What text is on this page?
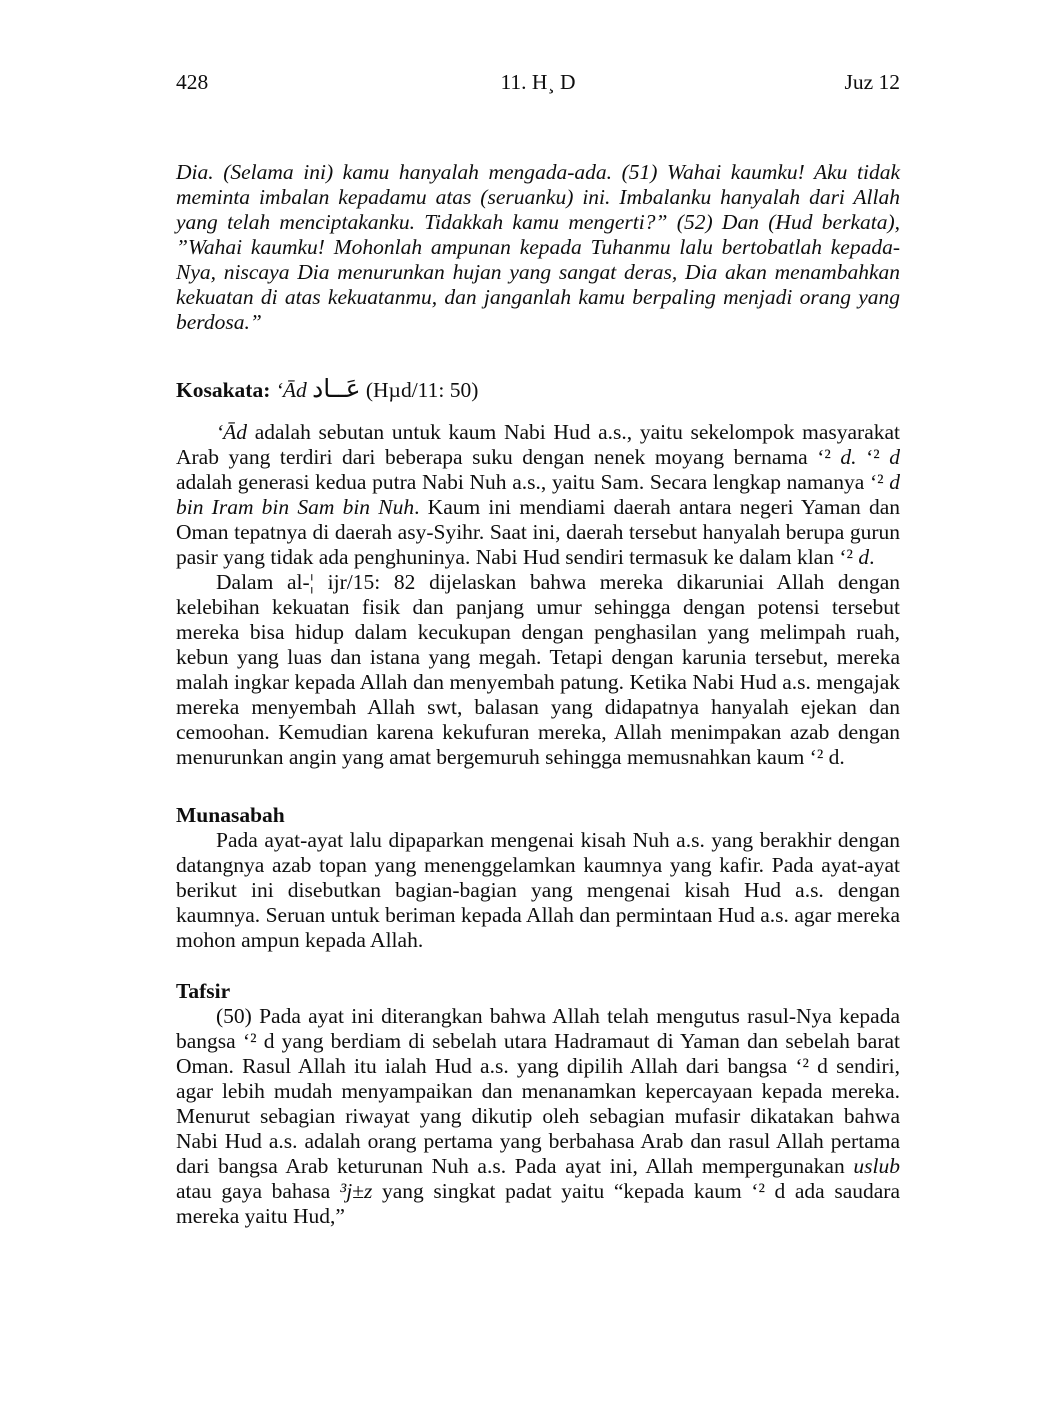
428	11. H¸ D	Juz 12

Dia. (Selama ini) kamu hanyalah mengada-ada. (51) Wahai kaumku! Aku tidak meminta imbalan kepadamu atas (seruanku) ini. Imbalanku hanyalah dari Allah yang telah menciptakanku. Tidakkah kamu mengerti?” (52) Dan (Hud berkata), ”Wahai kaumku! Mohonlah ampunan kepada Tuhanmu lalu bertobatlah kepada-Nya, niscaya Dia menurunkan hujan yang sangat deras, Dia akan menambahkan kekuatan di atas kekuatanmu, dan janganlah kamu berpaling menjadi orang yang berdosa.”

Kosakata: ‘Ād عَــاد (Hµd/11: 50)

‘Ād adalah sebutan untuk kaum Nabi Hud a.s., yaitu sekelompok masyarakat Arab yang terdiri dari beberapa suku dengan nenek moyang bernama ‘² d. ‘² d adalah generasi kedua putra Nabi Nuh a.s., yaitu Sam. Secara lengkap namanya ‘² d bin Iram bin Sam bin Nuh. Kaum ini mendiami daerah antara negeri Yaman dan Oman tepatnya di daerah asy-Syihr. Saat ini, daerah tersebut hanyalah berupa gurun pasir yang tidak ada penghuninya. Nabi Hud sendiri termasuk ke dalam klan ‘² d.

Dalam al-¦ ijr/15: 82 dijelaskan bahwa mereka dikaruniai Allah dengan kelebihan kekuatan fisik dan panjang umur sehingga dengan potensi tersebut mereka bisa hidup dalam kecukupan dengan penghasilan yang melimpah ruah, kebun yang luas dan istana yang megah. Tetapi dengan karunia tersebut, mereka malah ingkar kepada Allah dan menyembah patung. Ketika Nabi Hud a.s. mengajak mereka menyembah Allah swt, balasan yang didapatnya hanyalah ejekan dan cemoohan. Kemudian karena kekufuran mereka, Allah menimpakan azab dengan menurunkan angin yang amat bergemuruh sehingga memusnahkan kaum ‘² d.

Munasabah

Pada ayat-ayat lalu dipaparkan mengenai kisah Nuh a.s. yang berakhir dengan datangnya azab topan yang menenggelamkan kaumnya yang kafir. Pada ayat-ayat berikut ini disebutkan bagian-bagian yang mengenai kisah Hud a.s. dengan kaumnya. Seruan untuk beriman kepada Allah dan permintaan Hud a.s. agar mereka mohon ampun kepada Allah.

Tafsir

(50) Pada ayat ini diterangkan bahwa Allah telah mengutus rasul-Nya kepada bangsa ‘² d yang berdiam di sebelah utara Hadramaut di Yaman dan sebelah barat Oman. Rasul Allah itu ialah Hud a.s. yang dipilih Allah dari bangsa ‘² d sendiri, agar lebih mudah menyampaikan dan menanamkan kepercayaan kepada mereka. Menurut sebagian riwayat yang dikutip oleh sebagian mufasir dikatakan bahwa Nabi Hud a.s. adalah orang pertama yang berbahasa Arab dan rasul Allah pertama dari bangsa Arab keturunan Nuh a.s. Pada ayat ini, Allah mempergunakan uslub atau gaya bahasa ³j±z yang singkat padat yaitu “kepada kaum ‘² d ada saudara mereka yaitu Hud,”
